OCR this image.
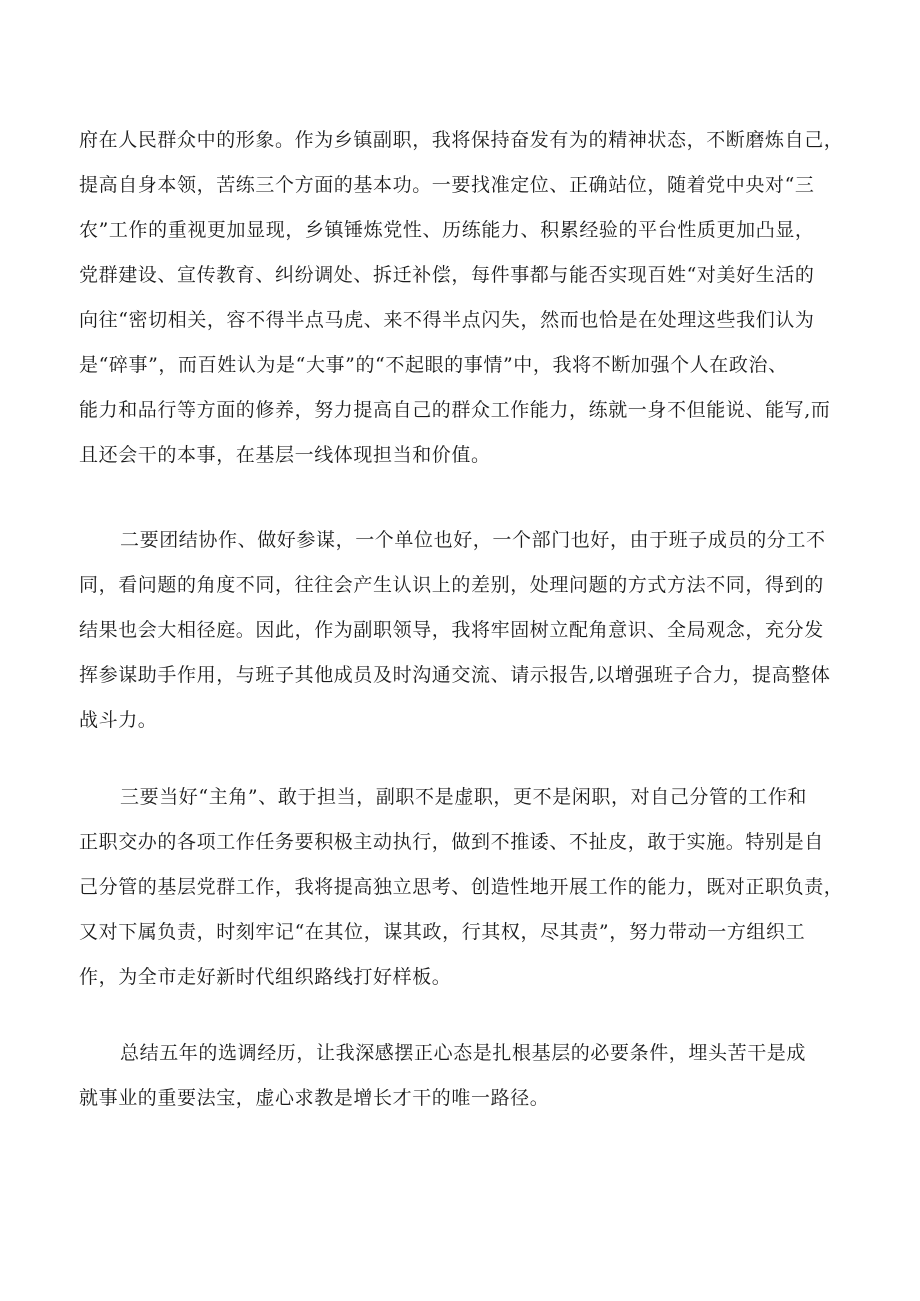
府在人民群众中的形象。作为乡镇副职，我将保持奋发有为的精神状态，不断磨炼自己，
提高自身本领，苦练三个方面的基本功。一要找准定位、正确站位，随着党中央对“三
农”工作的重视更加显现，乡镇锤炼党性、历练能力、积累经验的平台性质更加凸显，
党群建设、宣传教育、纠纷调处、拆迁补偿，每件事都与能否实现百姓“对美好生活的
向往“密切相关，容不得半点马虎、来不得半点闪失，然而也恰是在处理这些我们认为
是“碎事”，而百姓认为是“大事”的“不起眼的事情”中，我将不断加强个人在政治、
能力和品行等方面的修养，努力提高自己的群众工作能力，练就一身不但能说、能写,而
且还会干的本事，在基层一线体现担当和价值。
二要团结协作、做好参谋，一个单位也好，一个部门也好，由于班子成员的分工不
同，看问题的角度不同，往往会产生认识上的差别，处理问题的方式方法不同，得到的
结果也会大相径庭。因此，作为副职领导，我将牢固树立配角意识、全局观念，充分发
挥参谋助手作用，与班子其他成员及时沟通交流、请示报告,以增强班子合力，提高整体
战斗力。
三要当好“主角”、敢于担当，副职不是虚职，更不是闲职，对自己分管的工作和
正职交办的各项工作任务要积极主动执行，做到不推诿、不扯皮，敢于实施。特别是自
己分管的基层党群工作，我将提高独立思考、创造性地开展工作的能力，既对正职负责，
又对下属负责，时刻牢记“在其位，谋其政，行其权，尽其责”，努力带动一方组织工
作，为全市走好新时代组织路线打好样板。
总结五年的选调经历，让我深感摆正心态是扎根基层的必要条件，埋头苦干是成
就事业的重要法宝，虚心求教是增长才干的唯一路径。
